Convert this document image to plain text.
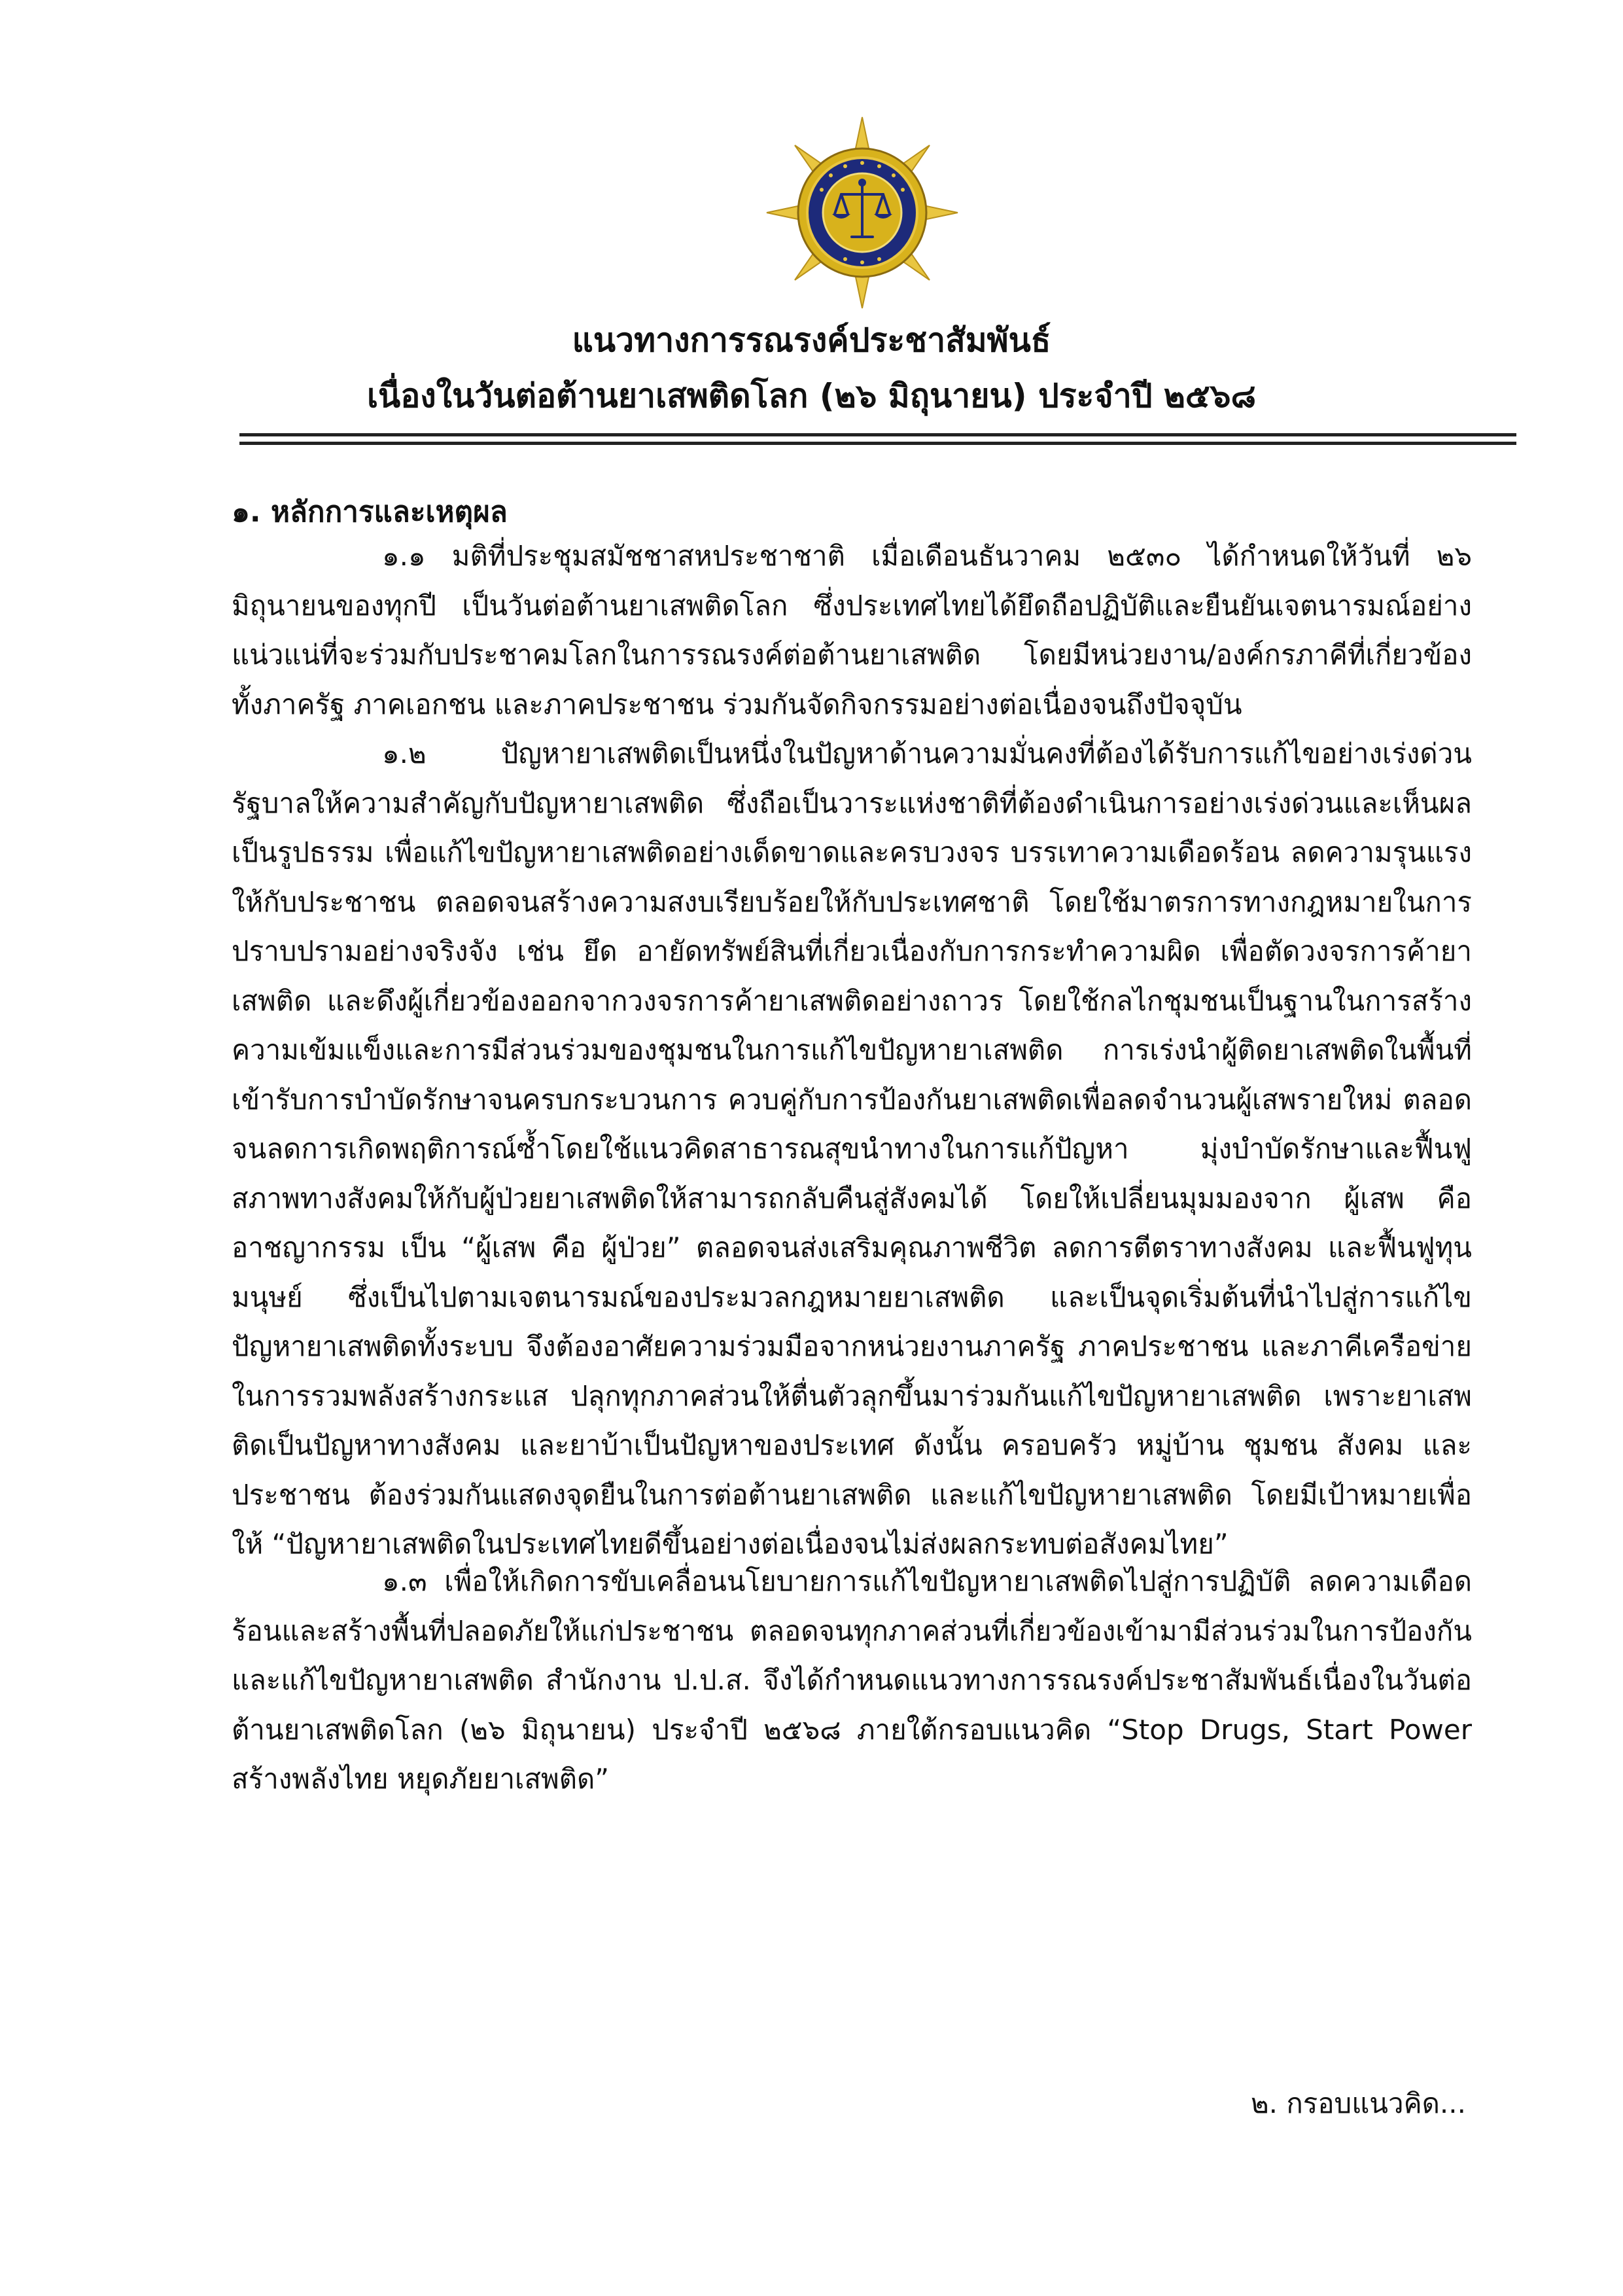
แนวทางการรณรงค์ประชาสัมพันธ์
เนื่องในวันต่อต้านยาเสพติดโลก (๒๖ มิถุนายน) ประจำปี ๒๕๖๘
๑. หลักการและเหตุผล

๑.๑ มติที่ประชุมสมัชชาสหประชาชาติ เมื่อเดือนธันวาคม ๒๕๓๐ ได้กำหนดให้วันที่ ๒๖ มิถุนายนของทุกปี เป็นวันต่อต้านยาเสพติดโลก ซึ่งประเทศไทยได้ยึดถือปฏิบัติและยืนยันเจตนารมณ์อย่างแน่วแน่ที่จะร่วมกับประชาคมโลกในการรณรงค์ต่อต้านยาเสพติด โดยมีหน่วยงาน/องค์กรภาคีที่เกี่ยวข้อง ทั้งภาครัฐ ภาคเอกชน และภาคประชาชน ร่วมกันจัดกิจกรรมอย่างต่อเนื่องจนถึงปัจจุบัน

๑.๒ ปัญหายาเสพติดเป็นหนึ่งในปัญหาด้านความมั่นคงที่ต้องได้รับการแก้ไขอย่างเร่งด่วน รัฐบาลให้ความสำคัญกับปัญหายาเสพติด ซึ่งถือเป็นวาระแห่งชาติที่ต้องดำเนินการอย่างเร่งด่วนและเห็นผลเป็นรูปธรรม เพื่อแก้ไขปัญหายาเสพติดอย่างเด็ดขาดและครบวงจร บรรเทาความเดือดร้อน ลดความรุนแรงให้กับประชาชน ตลอดจนสร้างความสงบเรียบร้อยให้กับประเทศชาติ โดยใช้มาตรการทางกฎหมายในการปราบปรามอย่างจริงจัง เช่น ยึด อายัดทรัพย์สินที่เกี่ยวเนื่องกับการกระทำความผิด เพื่อตัดวงจรการค้ายาเสพติด และดึงผู้เกี่ยวข้องออกจากวงจรการค้ายาเสพติดอย่างถาวร โดยใช้กลไกชุมชนเป็นฐานในการสร้างความเข้มแข็งและการมีส่วนร่วมของชุมชนในการแก้ไขปัญหายาเสพติด การเร่งนำผู้ติดยาเสพติดในพื้นที่เข้ารับการบำบัดรักษาจนครบกระบวนการ ควบคู่กับการป้องกันยาเสพติดเพื่อลดจำนวนผู้เสพรายใหม่ ตลอดจนลดการเกิดพฤติการณ์ซ้ำโดยใช้แนวคิดสาธารณสุขนำทางในการแก้ปัญหา มุ่งบำบัดรักษาและฟื้นฟูสภาพทางสังคมให้กับผู้ป่วยยาเสพติดให้สามารถกลับคืนสู่สังคมได้ โดยให้เปลี่ยนมุมมองจาก ผู้เสพ คือ อาชญากรรม เป็น “ผู้เสพ คือ ผู้ป่วย” ตลอดจนส่งเสริมคุณภาพชีวิต ลดการตีตราทางสังคม และฟื้นฟูทุนมนุษย์ ซึ่งเป็นไปตามเจตนารมณ์ของประมวลกฎหมายยาเสพติด และเป็นจุดเริ่มต้นที่นำไปสู่การแก้ไขปัญหายาเสพติดทั้งระบบ จึงต้องอาศัยความร่วมมือจากหน่วยงานภาครัฐ ภาคประชาชน และภาคีเครือข่ายในการรวมพลังสร้างกระแส ปลุกทุกภาคส่วนให้ตื่นตัวลุกขึ้นมาร่วมกันแก้ไขปัญหายาเสพติด เพราะยาเสพติดเป็นปัญหาทางสังคม และยาบ้าเป็นปัญหาของประเทศ ดังนั้น ครอบครัว หมู่บ้าน ชุมชน สังคม และประชาชน ต้องร่วมกันแสดงจุดยืนในการต่อต้านยาเสพติด และแก้ไขปัญหายาเสพติด โดยมีเป้าหมายเพื่อให้ “ปัญหายาเสพติดในประเทศไทยดีขึ้นอย่างต่อเนื่องจนไม่ส่งผลกระทบต่อสังคมไทย”

๑.๓ เพื่อให้เกิดการขับเคลื่อนนโยบายการแก้ไขปัญหายาเสพติดไปสู่การปฏิบัติ ลดความเดือดร้อนและสร้างพื้นที่ปลอดภัยให้แก่ประชาชน ตลอดจนทุกภาคส่วนที่เกี่ยวข้องเข้ามามีส่วนร่วมในการป้องกันและแก้ไขปัญหายาเสพติด สำนักงาน ป.ป.ส. จึงได้กำหนดแนวทางการรณรงค์ประชาสัมพันธ์เนื่องในวันต่อต้านยาเสพติดโลก (๒๖ มิถุนายน) ประจำปี ๒๕๖๘ ภายใต้กรอบแนวคิด “Stop Drugs, Start Power สร้างพลังไทย หยุดภัยยาเสพติด”

๒. กรอบแนวคิด...
